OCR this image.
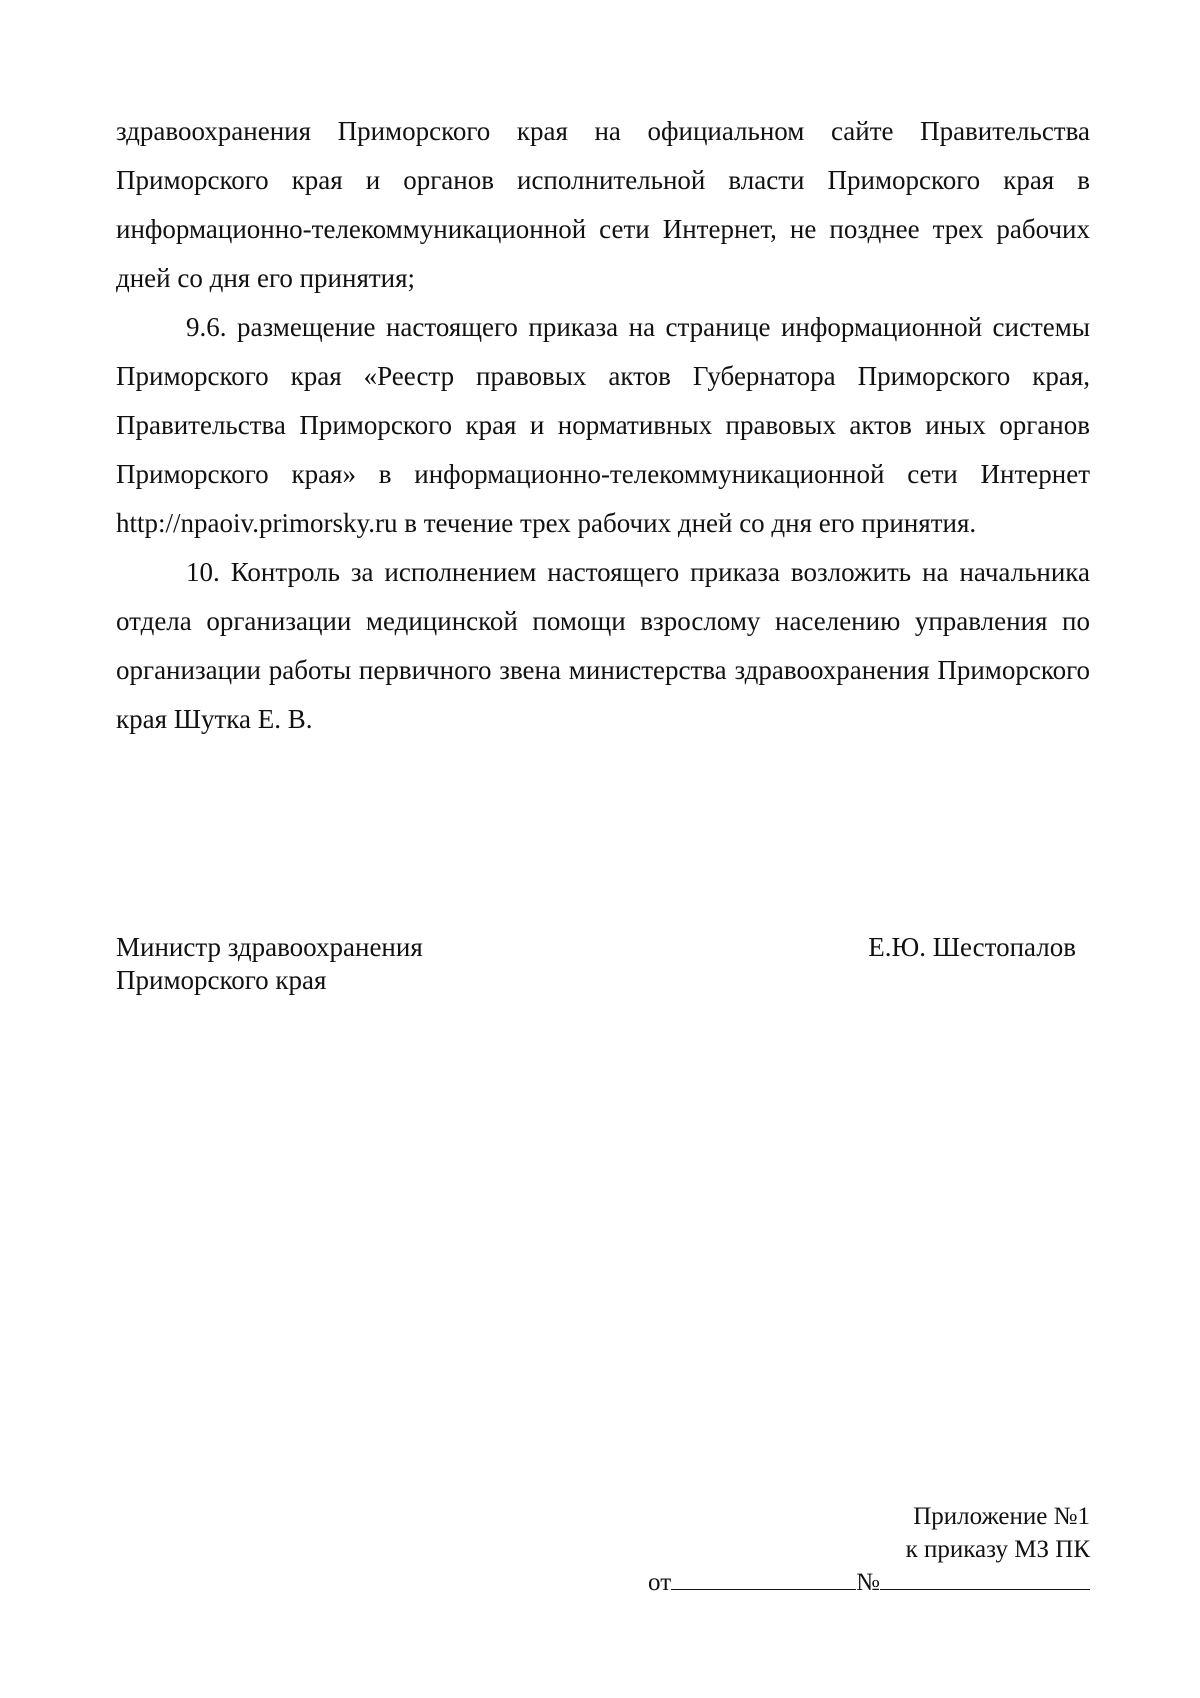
здравоохранения Приморского края на официальном сайте Правительства Приморского края и органов исполнительной власти Приморского края в информационно-телекоммуникационной сети Интернет, не позднее трех рабочих дней со дня его принятия;

9.6. размещение настоящего приказа на странице информационной системы Приморского края «Реестр правовых актов Губернатора Приморского края, Правительства Приморского края и нормативных правовых актов иных органов Приморского края» в информационно-телекоммуникационной сети Интернет http://npaoiv.primorsky.ru в течение трех рабочих дней со дня его принятия.

10. Контроль за исполнением настоящего приказа возложить на начальника отдела организации медицинской помощи взрослому населению управления по организации работы первичного звена министерства здравоохранения Приморского края Шутка Е. В.

Министр здравоохранения
Приморского края
Е.Ю. Шестопалов
Приложение №1
к приказу МЗ ПК
от	№
